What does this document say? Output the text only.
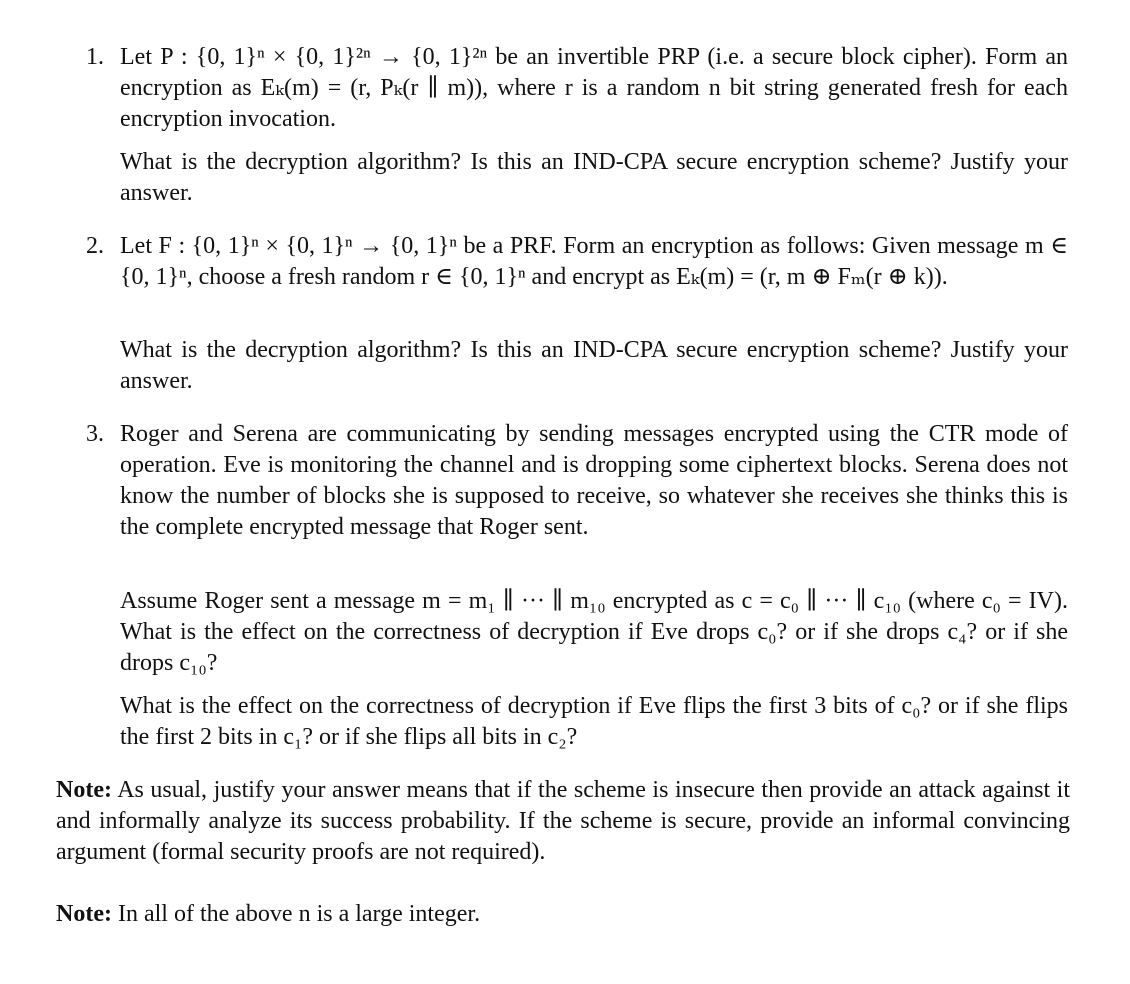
1. Let P : {0, 1}ⁿ × {0, 1}²ⁿ → {0, 1}²ⁿ be an invertible PRP (i.e. a secure block cipher). Form an encryption as Eₖ(m) = (r, Pₖ(r ∥ m)), where r is a random n bit string generated fresh for each encryption invocation.

What is the decryption algorithm? Is this an IND-CPA secure encryption scheme? Justify your answer.

2. Let F : {0, 1}ⁿ × {0, 1}ⁿ → {0, 1}ⁿ be a PRF. Form an encryption as follows: Given message m ∈ {0, 1}ⁿ, choose a fresh random r ∈ {0, 1}ⁿ and encrypt as Eₖ(m) = (r, m ⊕ Fₘ(r ⊕ k)).

What is the decryption algorithm? Is this an IND-CPA secure encryption scheme? Justify your answer.

3. Roger and Serena are communicating by sending messages encrypted using the CTR mode of operation. Eve is monitoring the channel and is dropping some ciphertext blocks. Serena does not know the number of blocks she is supposed to receive, so whatever she receives she thinks this is the complete encrypted message that Roger sent.

Assume Roger sent a message m = m₁ ∥ ··· ∥ m₁₀ encrypted as c = c₀ ∥ ··· ∥ c₁₀ (where c₀ = IV). What is the effect on the correctness of decryption if Eve drops c₀? or if she drops c₄? or if she drops c₁₀?

What is the effect on the correctness of decryption if Eve flips the first 3 bits of c₀? or if she flips the first 2 bits in c₁? or if she flips all bits in c₂?

Note: As usual, justify your answer means that if the scheme is insecure then provide an attack against it and informally analyze its success probability. If the scheme is secure, provide an informal convincing argument (formal security proofs are not required).

Note: In all of the above n is a large integer.
